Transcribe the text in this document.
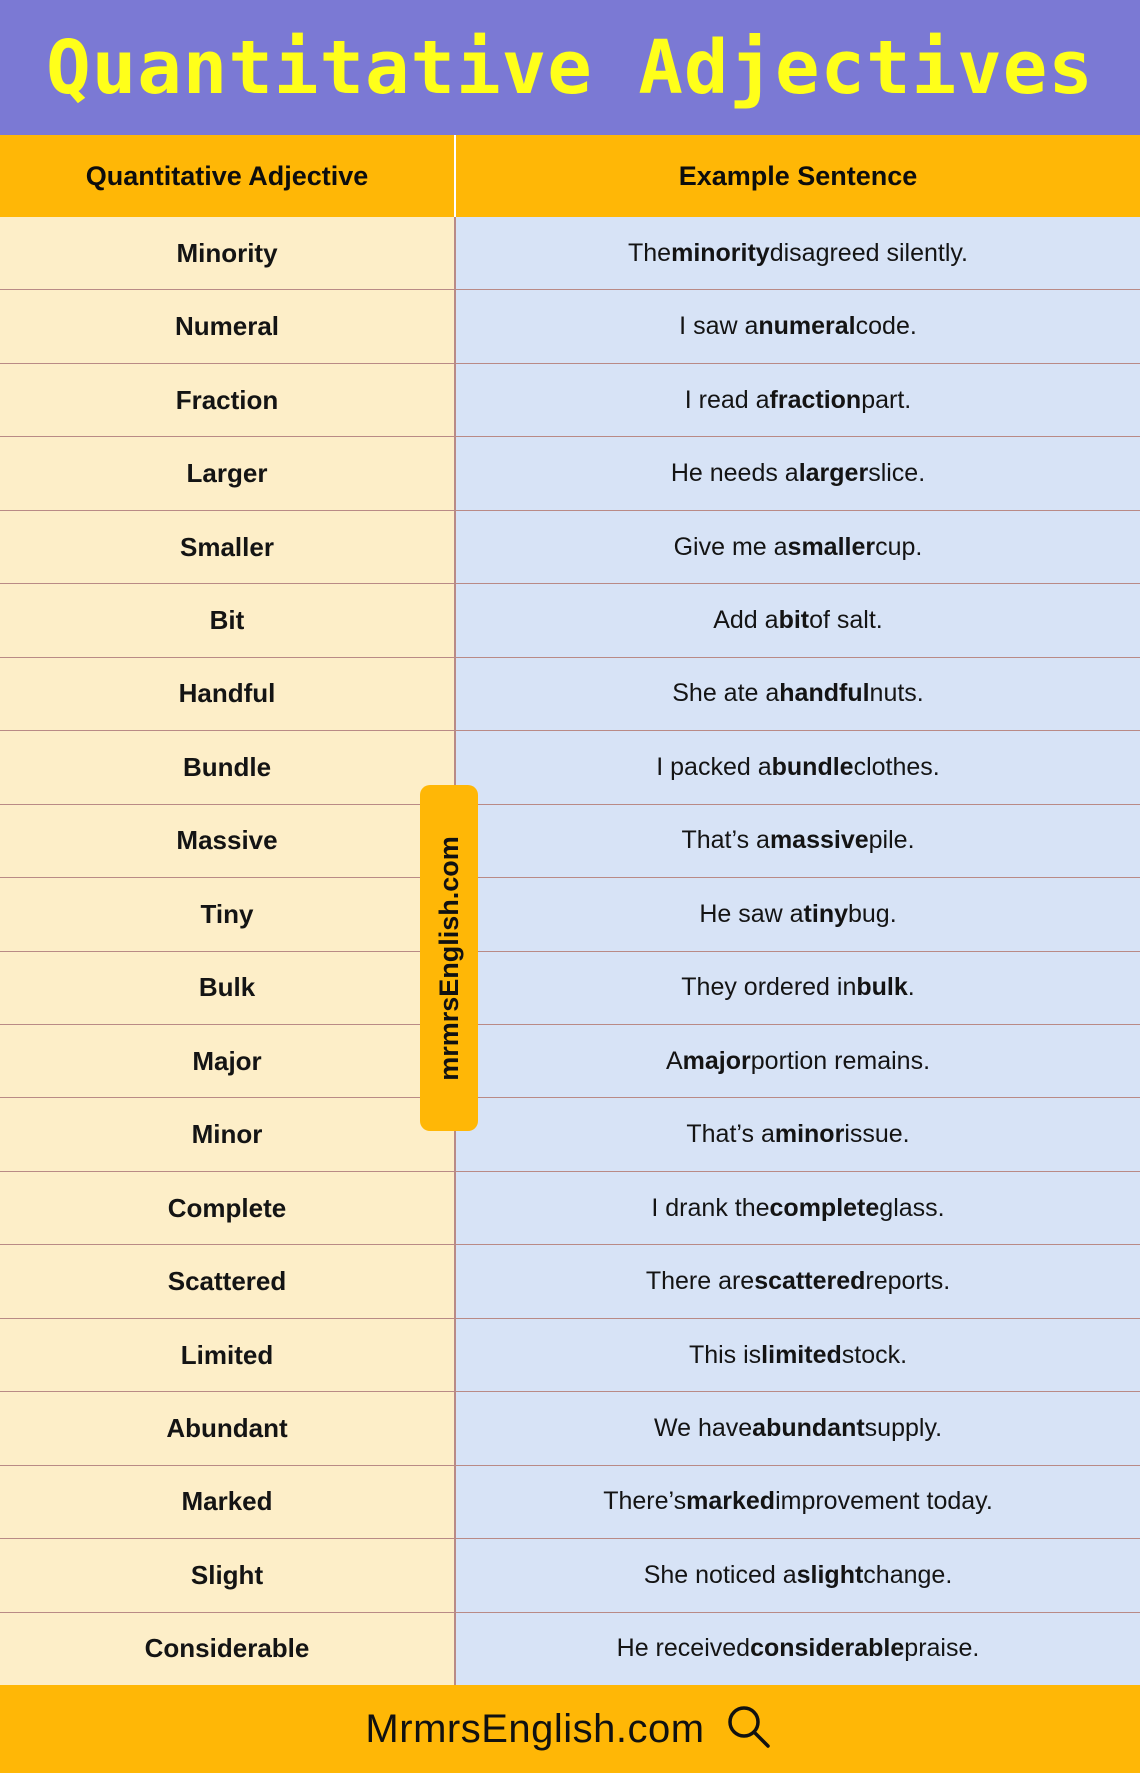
Quantitative Adjectives
Quantitative Adjective	Example Sentence
Minority	The minority disagreed silently.
Numeral	I saw a numeral code.
Fraction	I read a fraction part.
Larger	He needs a larger slice.
Smaller	Give me a smaller cup.
Bit	Add a bit of salt.
Handful	She ate a handful nuts.
Bundle	I packed a bundle clothes.
Massive	That’s a massive pile.
Tiny	He saw a tiny bug.
Bulk	They ordered in bulk .
Major	A major portion remains.
Minor	That’s a minor issue.
Complete	I drank the complete glass.
Scattered	There are scattered reports.
Limited	This is limited stock.
Abundant	We have abundant supply.
Marked	There’s marked improvement today.
Slight	She noticed a slight change.
Considerable	He received considerable praise.
mrmrsEnglish.com
MrmrsEnglish.com
